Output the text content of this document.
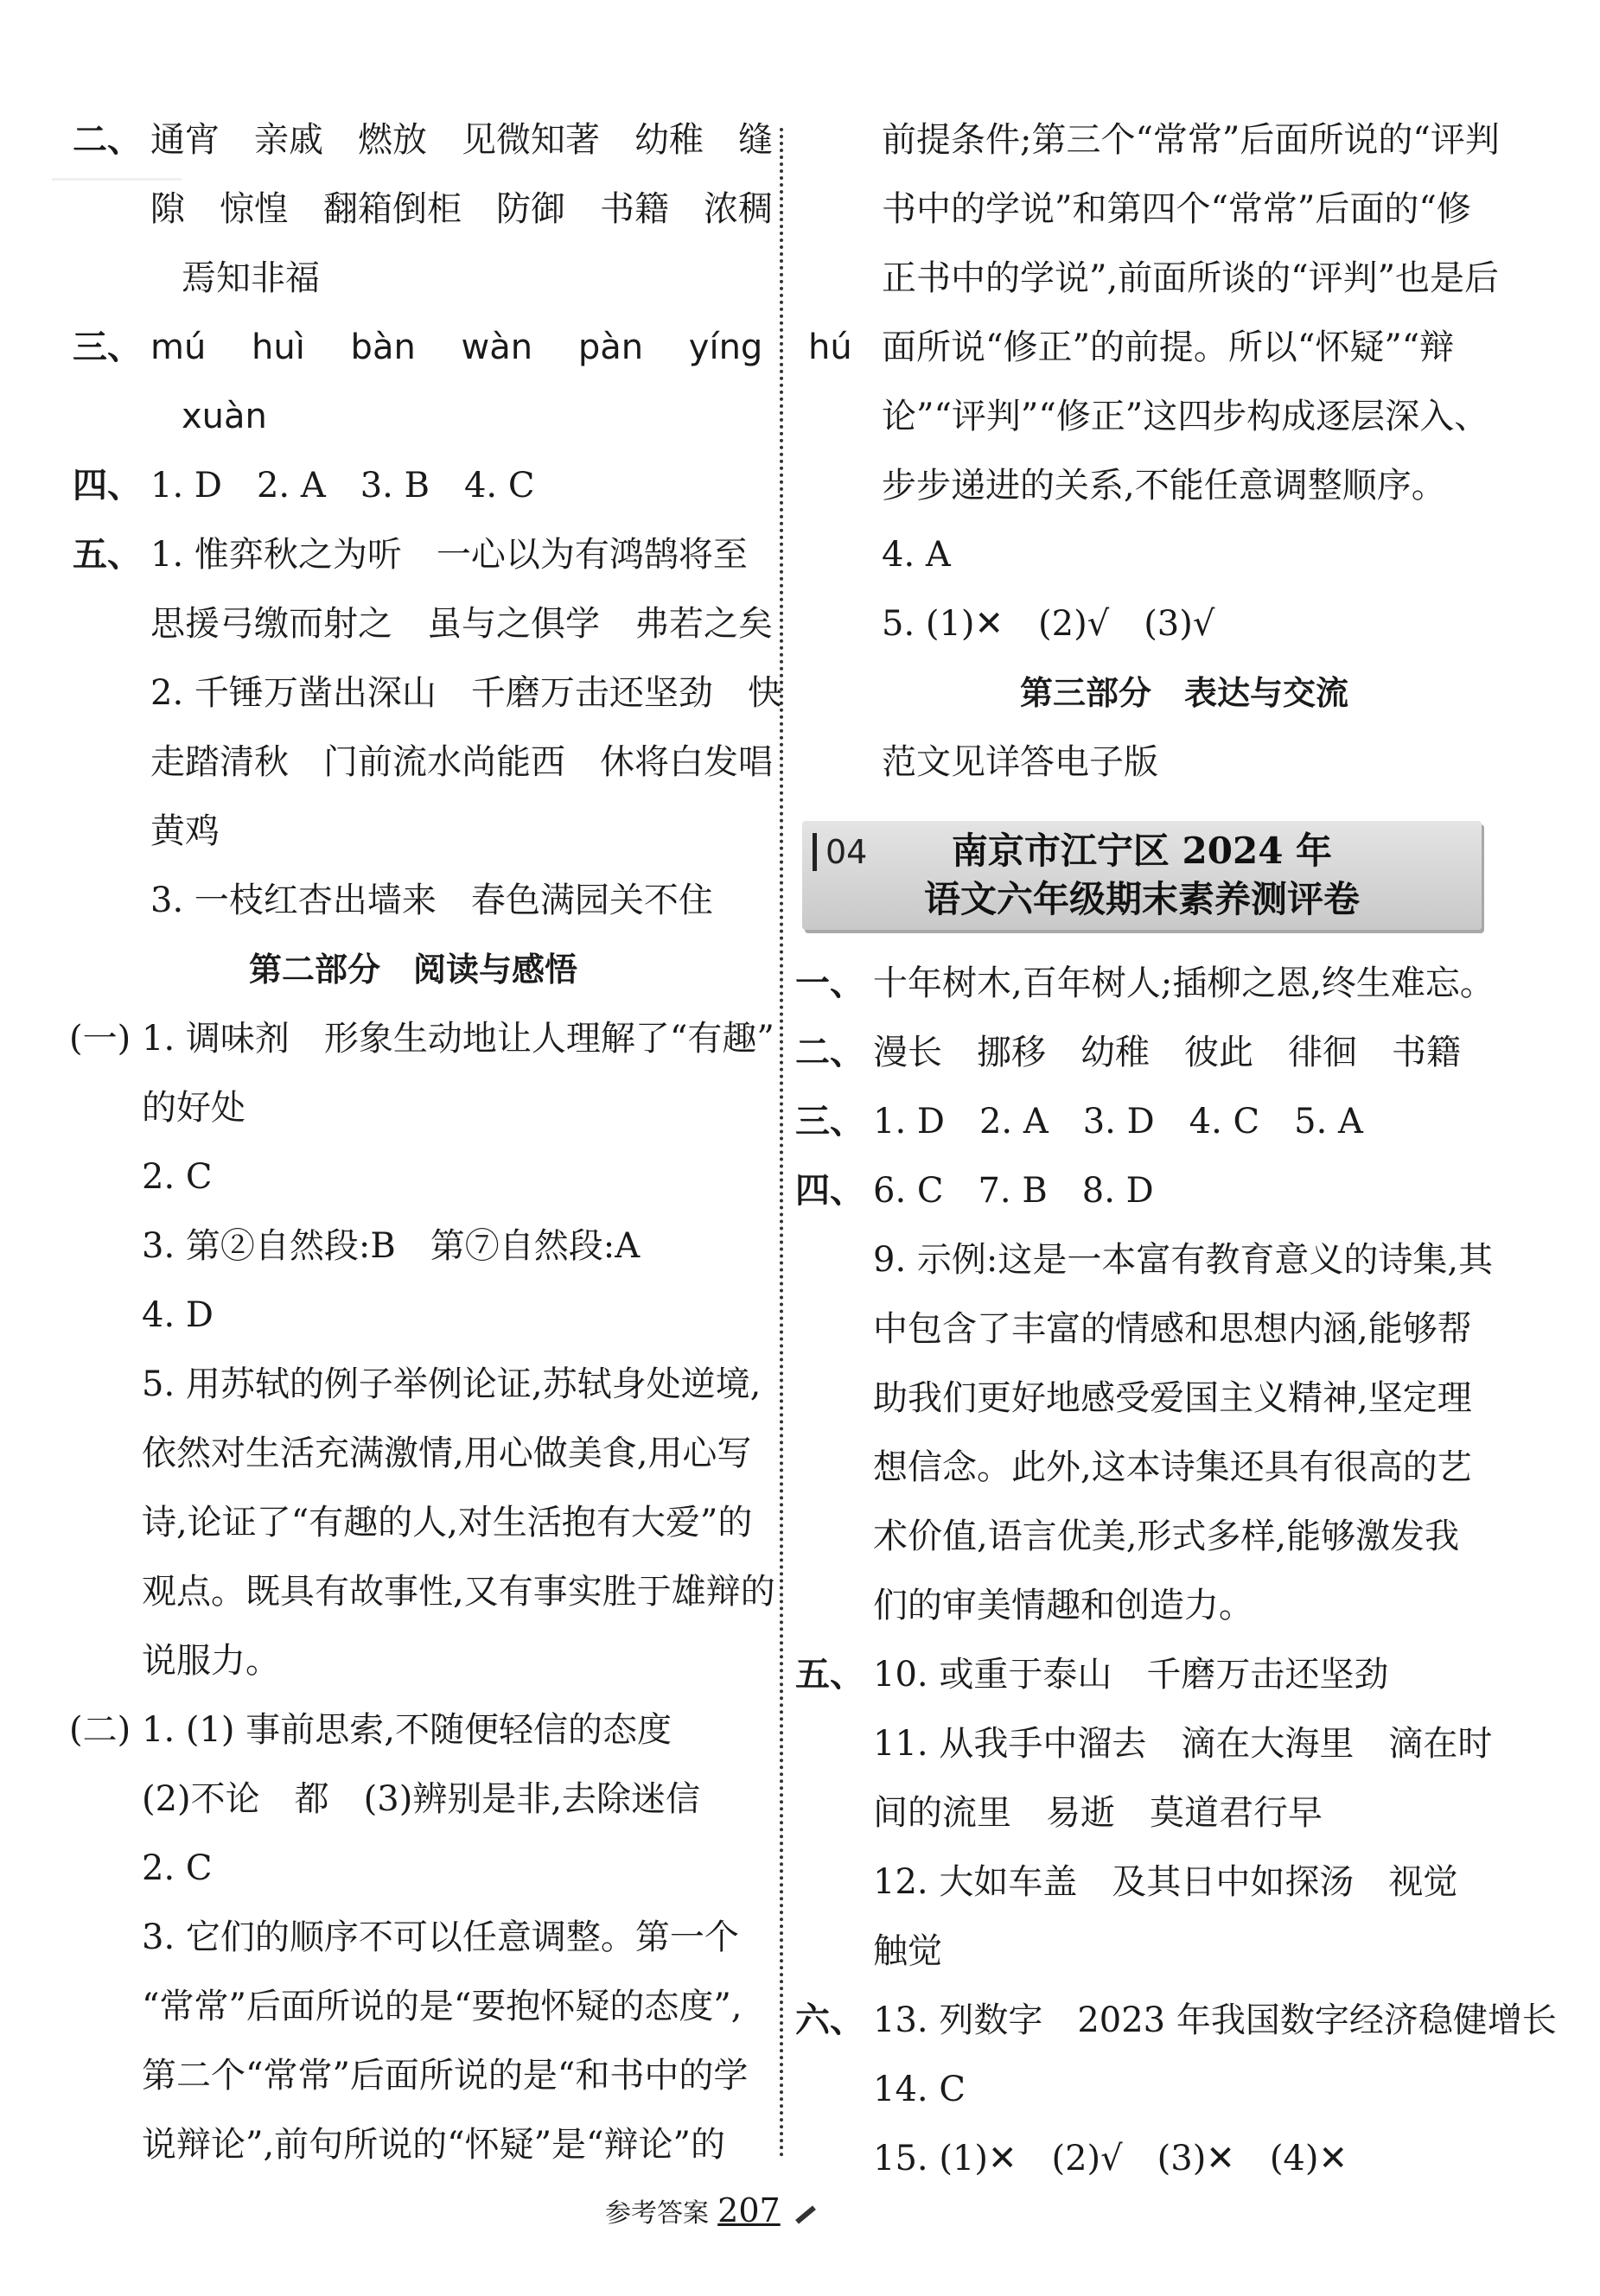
二、 通宵　亲戚　燃放　见微知著　幼稚　缝
隙　惊惶　翻箱倒柜　防御　书籍　浓稠
焉知非福
三、 mú　 huì　 bàn　 wàn　 pàn　 yíng　 hú
xuàn
四、 1. D　2. A　3. B　4. C
五、 1. 惟弈秋之为听　一心以为有鸿鹄将至
思援弓缴而射之　虽与之俱学　弗若之矣
2. 千锤万凿出深山　千磨万击还坚劲　快
走踏清秋　门前流水尚能西　休将白发唱
黄鸡
3. 一枝红杏出墙来　春色满园关不住
第二部分　阅读与感悟
(一) 1. 调味剂　形象生动地让人理解了“有趣”
的好处
2. C
3. 第②自然段:B　第⑦自然段:A
4. D
5. 用苏轼的例子举例论证,苏轼身处逆境,
依然对生活充满激情,用心做美食,用心写
诗,论证了“有趣的人,对生活抱有大爱”的
观点。既具有故事性,又有事实胜于雄辩的
说服力。
(二) 1. (1) 事前思索,不随便轻信的态度
(2)不论　都　(3)辨别是非,去除迷信
2. C
3. 它们的顺序不可以任意调整。第一个
“常常”后面所说的是“要抱怀疑的态度”,
第二个“常常”后面所说的是“和书中的学
说辩论”,前句所说的“怀疑”是“辩论”的
前提条件;第三个“常常”后面所说的“评判
书中的学说”和第四个“常常”后面的“修
正书中的学说”,前面所谈的“评判”也是后
面所说“修正”的前提。所以“怀疑”“辩
论”“评判”“修正”这四步构成逐层深入、
步步递进的关系,不能任意调整顺序。
4. A
5. (1)✕　(2)√　(3)√
第三部分　表达与交流
范文见详答电子版
南京市江宁区 2024 年
语文六年级期末素养测评卷
04
一、 十年树木,百年树人;插柳之恩,终生难忘。
二、 漫长　挪移　幼稚　彼此　徘徊　书籍
三、 1. D　2. A　3. D　4. C　5. A
四、 6. C　7. B　8. D
9. 示例:这是一本富有教育意义的诗集,其
中包含了丰富的情感和思想内涵,能够帮
助我们更好地感受爱国主义精神,坚定理
想信念。此外,这本诗集还具有很高的艺
术价值,语言优美,形式多样,能够激发我
们的审美情趣和创造力。
五、 10. 或重于泰山　千磨万击还坚劲
11. 从我手中溜去　滴在大海里　滴在时
间的流里　易逝　莫道君行早
12. 大如车盖　及其日中如探汤　视觉
触觉
六、 13. 列数字　2023 年我国数字经济稳健增长
14. C
15. (1)✕　(2)√　(3)✕　(4)✕
参考答案 207
